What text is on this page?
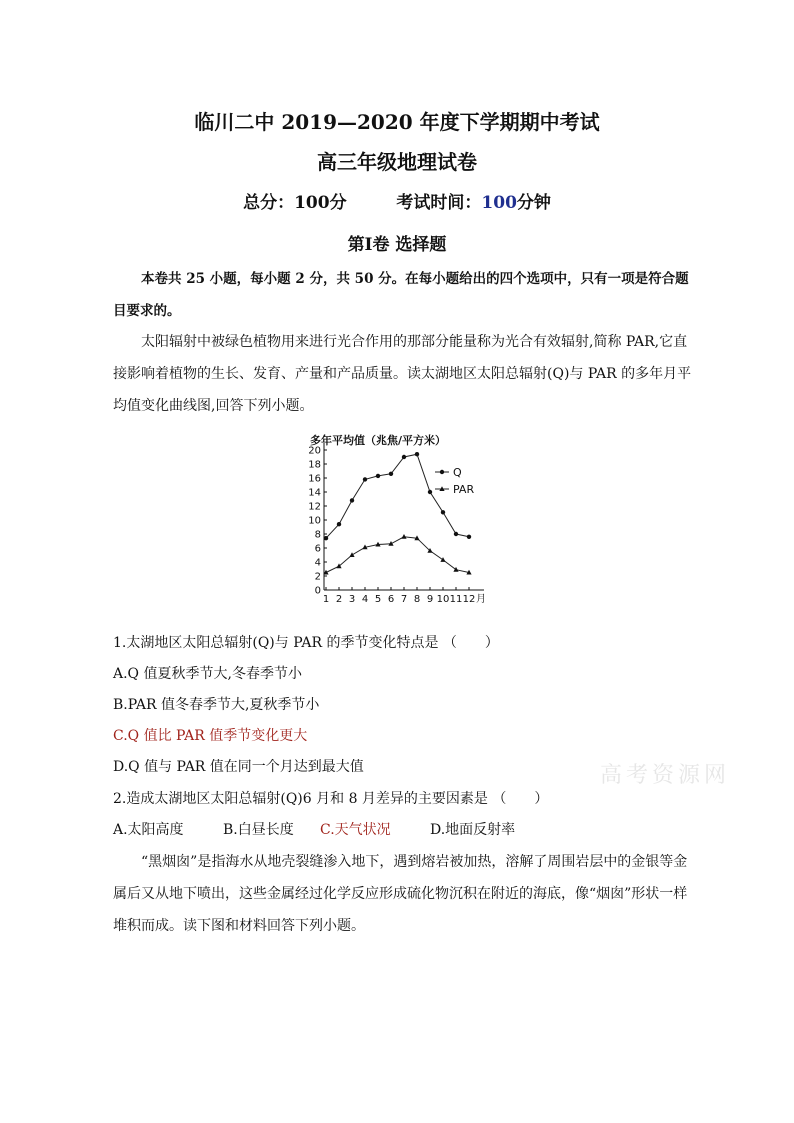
临川二中 2019—2020 年度下学期期中考试
高三年级地理试卷
总分：100分	考试时间：100分钟
第Ⅰ卷 选择题
本卷共 25 小题，每小题 2 分，共 50 分。在每小题给出的四个选项中，只有一项是符合题目要求的。
太阳辐射中被绿色植物用来进行光合作用的那部分能量称为光合有效辐射,简称 PAR,它直接影响着植物的生长、发育、产量和产品质量。读太湖地区太阳总辐射(Q)与 PAR 的多年月平均值变化曲线图,回答下列小题。
多年平均值（兆焦/平方米）
0
2
4
6
8
10
12
14
16
18
20
1 2 3 4 5 6 7 8 9 10 11 12 月
Q
PAR
1.太湖地区太阳总辐射(Q)与 PAR 的季节变化特点是 （　　）
A.Q 值夏秋季节大,冬春季节小
B.PAR 值冬春季节大,夏秋季节小
C.Q 值比 PAR 值季节变化更大
D.Q 值与 PAR 值在同一个月达到最大值
2.造成太湖地区太阳总辐射(Q)6 月和 8 月差异的主要因素是 （　　）
A.太阳高度	B.白昼长度 C.天气状况	D.地面反射率
“黑烟囱”是指海水从地壳裂缝渗入地下，遇到熔岩被加热，溶解了周围岩层中的金银等金属后又从地下喷出，这些金属经过化学反应形成硫化物沉积在附近的海底，像“烟囱”形状一样堆积而成。读下图和材料回答下列小题。
高考资源网
